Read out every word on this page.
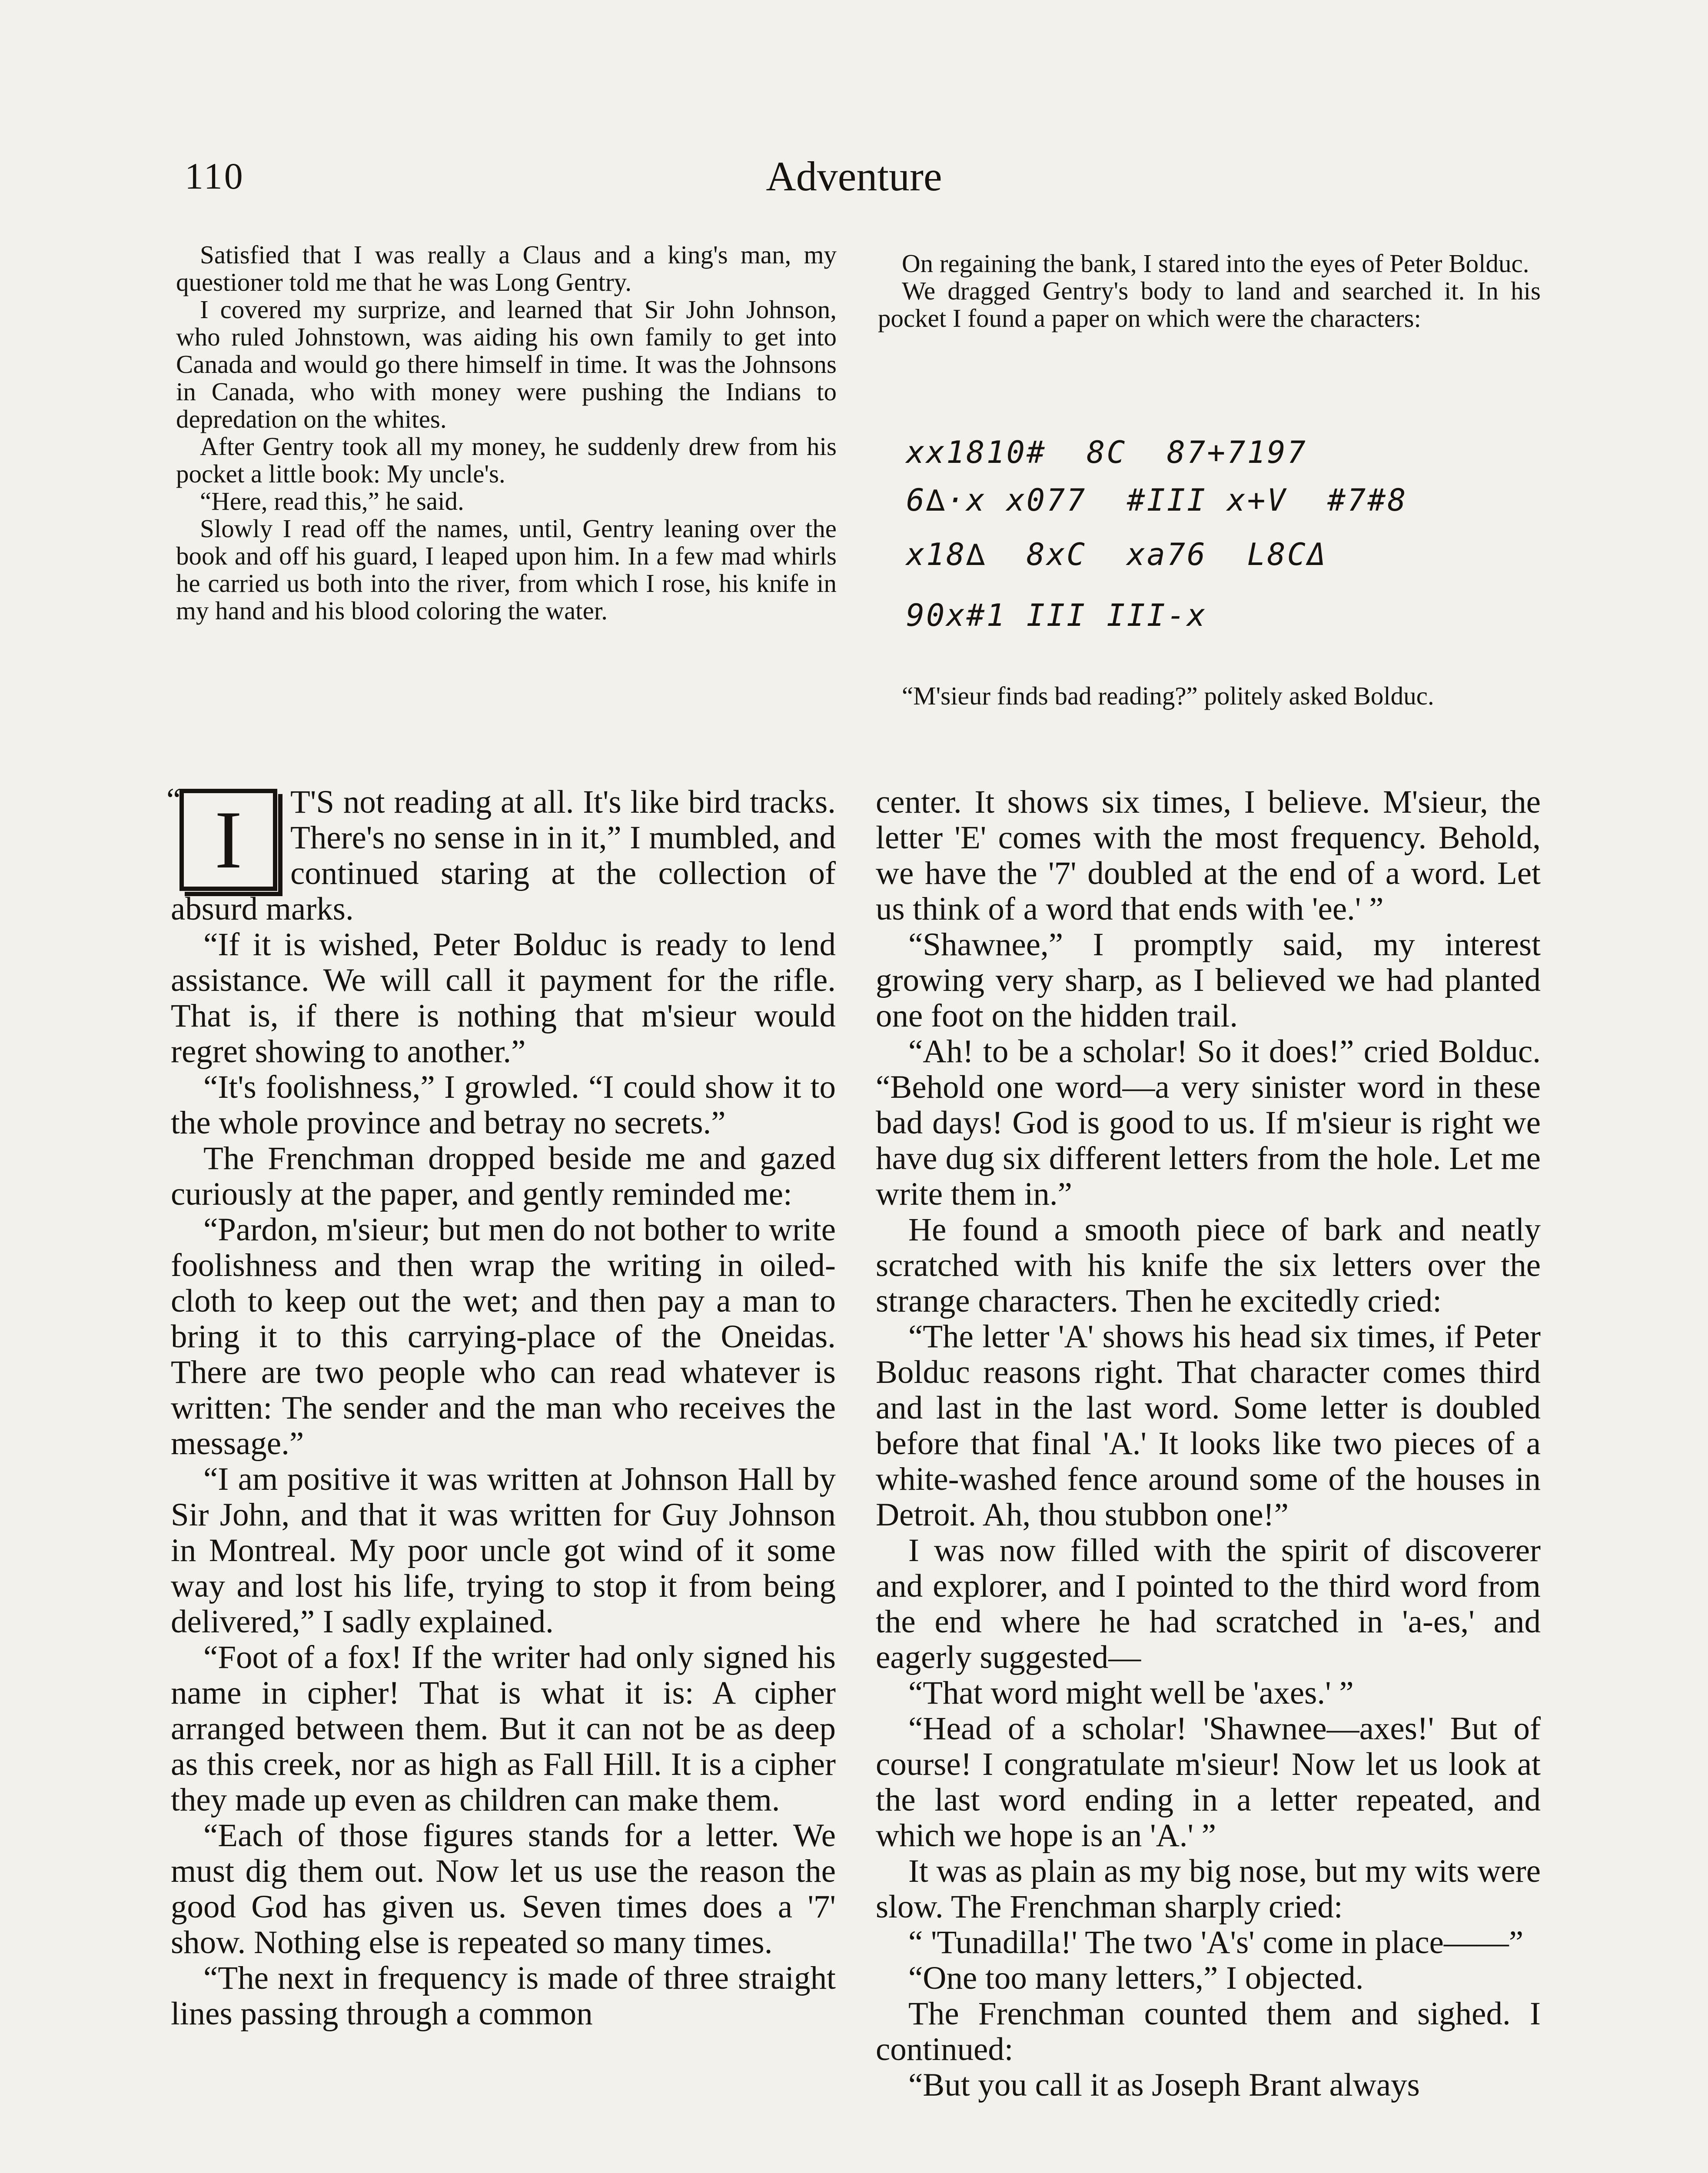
110	Adventure

Satisfied that I was really a Claus and a king's man, my questioner told me that he was Long Gentry.

I covered my surprize, and learned that Sir John Johnson, who ruled Johnstown, was aiding his own family to get into Canada and would go there himself in time. It was the Johnsons in Canada, who with money were pushing the Indians to depredation on the whites.

After Gentry took all my money, he suddenly drew from his pocket a little book: My uncle's.

“Here, read this,” he said.

Slowly I read off the names, until, Gentry leaning over the book and off his guard, I leaped upon him. In a few mad whirls he carried us both into the river, from which I rose, his knife in my hand and his blood coloring the water.

On regaining the bank, I stared into the eyes of Peter Bolduc.

We dragged Gentry's body to land and searched it. In his pocket I found a paper on which were the characters:

xx1810#  8C  87+7197
6∆·x x077  #III x+V  #7#8
x18∆  8xC  xa76  L8CΔ
90x#1 III III-x

“M'sieur finds bad reading?” politely asked Bolduc.

“ I T'S not reading at all. It's like bird tracks. There's no sense in in it,” I mumbled, and continued staring at the collection of absurd marks.

“If it is wished, Peter Bolduc is ready to lend assistance. We will call it payment for the rifle. That is, if there is nothing that m'sieur would regret showing to another.”

“It's foolishness,” I growled. “I could show it to the whole province and betray no secrets.”

The Frenchman dropped beside me and gazed curiously at the paper, and gently reminded me:

“Pardon, m'sieur; but men do not bother to write foolishness and then wrap the writing in oiled-cloth to keep out the wet; and then pay a man to bring it to this carrying-place of the Oneidas. There are two people who can read whatever is written: The sender and the man who receives the message.”

“I am positive it was written at Johnson Hall by Sir John, and that it was written for Guy Johnson in Montreal. My poor uncle got wind of it some way and lost his life, trying to stop it from being delivered,” I sadly explained.

“Foot of a fox! If the writer had only signed his name in cipher! That is what it is: A cipher arranged between them. But it can not be as deep as this creek, nor as high as Fall Hill. It is a cipher they made up even as children can make them.

“Each of those figures stands for a letter. We must dig them out. Now let us use the reason the good God has given us. Seven times does a '7' show. Nothing else is repeated so many times.

“The next in frequency is made of three straight lines passing through a common

center. It shows six times, I believe. M'sieur, the letter 'E' comes with the most frequency. Behold, we have the '7' doubled at the end of a word. Let us think of a word that ends with 'ee.' ”

“Shawnee,” I promptly said, my interest growing very sharp, as I believed we had planted one foot on the hidden trail.

“Ah! to be a scholar! So it does!” cried Bolduc. “Behold one word—a very sinister word in these bad days! God is good to us. If m'sieur is right we have dug six different letters from the hole. Let me write them in.”

He found a smooth piece of bark and neatly scratched with his knife the six letters over the strange characters. Then he excitedly cried:

“The letter 'A' shows his head six times, if Peter Bolduc reasons right. That character comes third and last in the last word. Some letter is doubled before that final 'A.' It looks like two pieces of a white-washed fence around some of the houses in Detroit. Ah, thou stubbon one!”

I was now filled with the spirit of discoverer and explorer, and I pointed to the third word from the end where he had scratched in 'a-es,' and eagerly suggested—

“That word might well be 'axes.' ”

“Head of a scholar! 'Shawnee—axes!' But of course! I congratulate m'sieur! Now let us look at the last word ending in a letter repeated, and which we hope is an 'A.' ”

It was as plain as my big nose, but my wits were slow. The Frenchman sharply cried:

“ 'Tunadilla!' The two 'A's' come in place——”

“One too many letters,” I objected.

The Frenchman counted them and sighed. I continued:

“But you call it as Joseph Brant always
